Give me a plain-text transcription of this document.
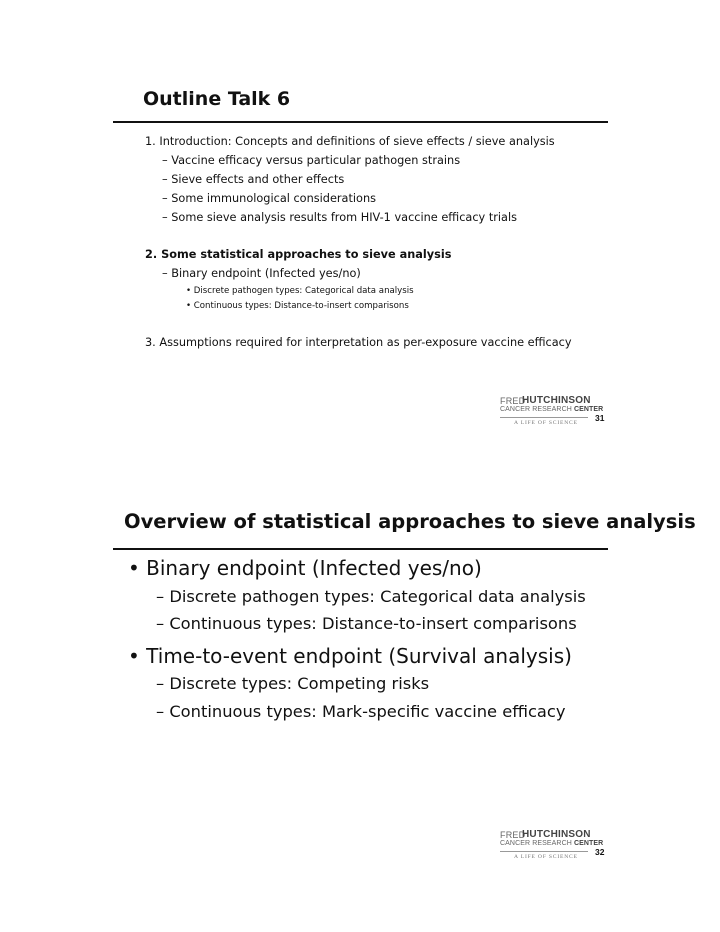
Outline Talk 6
1. Introduction: Concepts and definitions of sieve effects / sieve analysis
– Vaccine efficacy versus particular pathogen strains
– Sieve effects and other effects
– Some immunological considerations
– Some sieve analysis results from HIV-1 vaccine efficacy trials
2. Some statistical approaches to sieve analysis
– Binary endpoint (Infected yes/no)
• Discrete pathogen types: Categorical data analysis
• Continuous types: Distance-to-insert comparisons
3. Assumptions required for interpretation as per-exposure vaccine efficacy
FRED
HUTCHINSON
CANCER RESEARCH CENTER
A LIFE OF SCIENCE 31
Overview of statistical approaches to sieve analysis
• Binary endpoint (Infected yes/no)
– Discrete pathogen types: Categorical data analysis
– Continuous types: Distance-to-insert comparisons
• Time-to-event endpoint (Survival analysis)
– Discrete types: Competing risks
– Continuous types: Mark-specific vaccine efficacy
FRED
HUTCHINSON
CANCER RESEARCH CENTER
A LIFE OF SCIENCE 32
